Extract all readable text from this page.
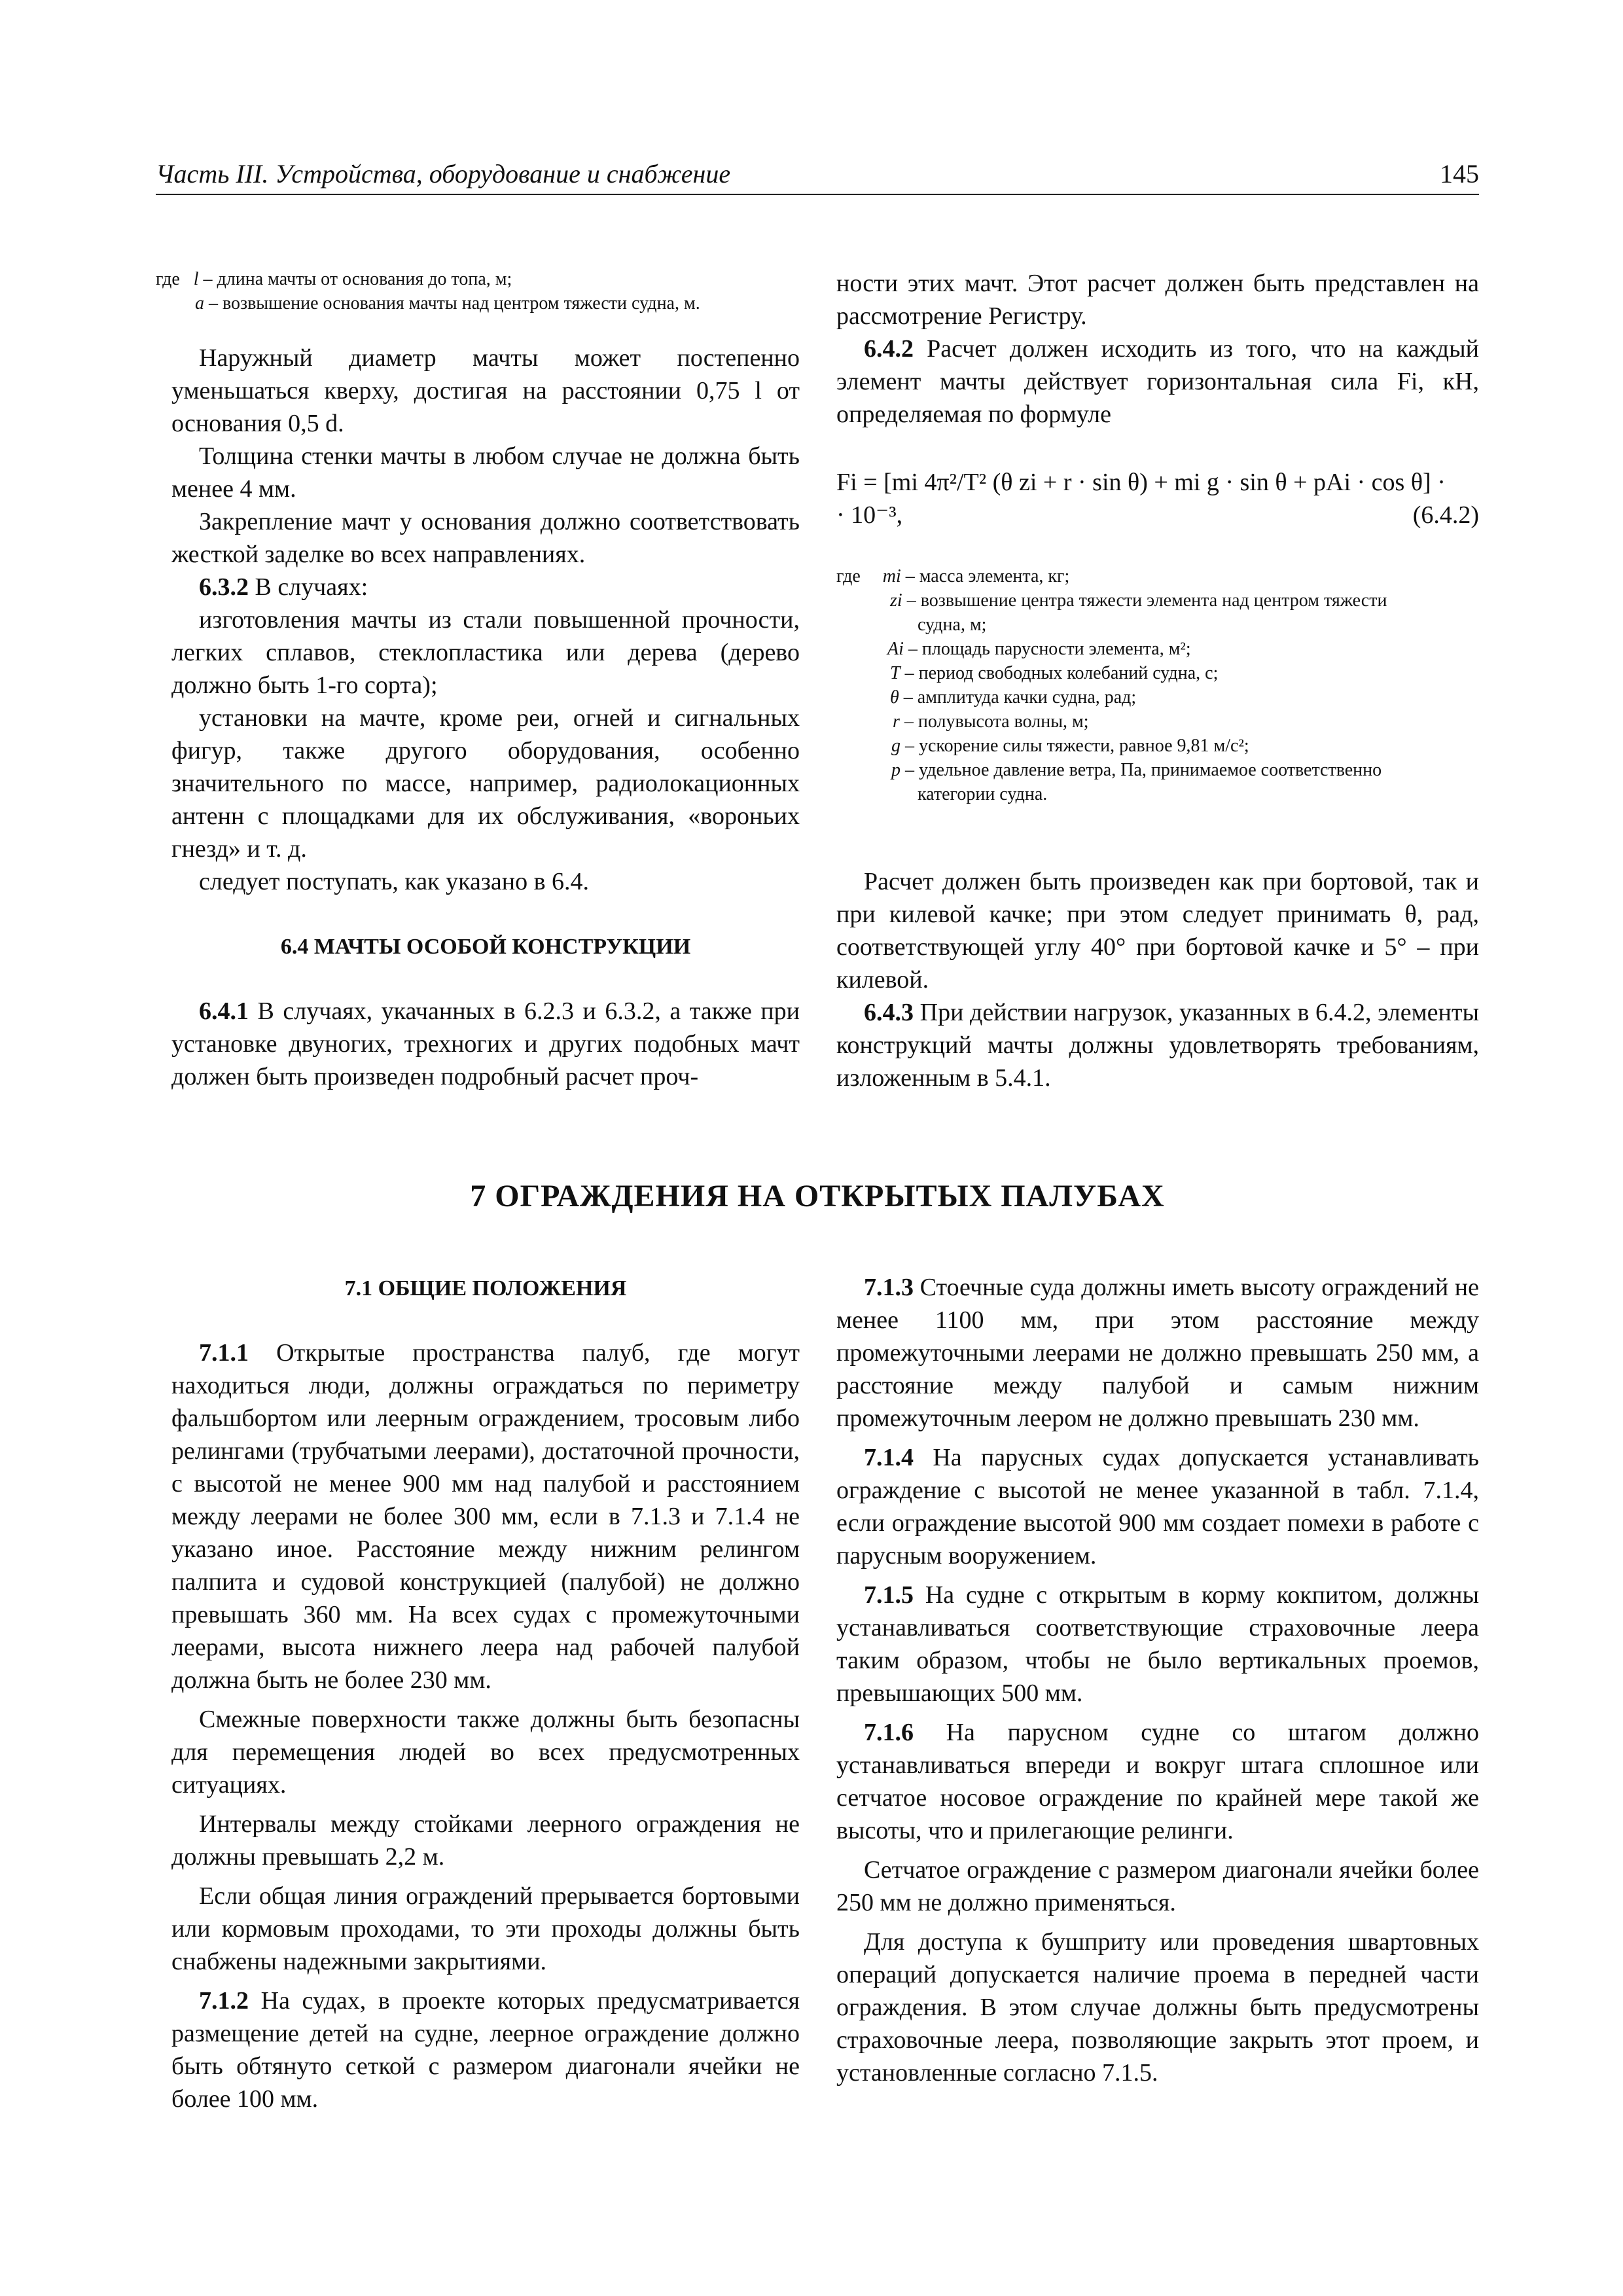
Часть III. Устройства, оборудование и снабжение	145
где l – длина мачты от основания до топа, м;
a – возвышение основания мачты над центром тяжести судна, м.

Наружный диаметр мачты может постепенно уменьшаться кверху, достигая на расстоянии 0,75 l от основания 0,5 d.

Толщина стенки мачты в любом случае не должна быть менее 4 мм.

Закрепление мачт у основания должно соответствовать жесткой заделке во всех направлениях.

6.3.2 В случаях:

изготовления мачты из стали повышенной прочности, легких сплавов, стеклопластика или дерева (дерево должно быть 1-го сорта);

установки на мачте, кроме реи, огней и сигнальных фигур, также другого оборудования, особенно значительного по массе, например, радиолокационных антенн с площадками для их обслуживания, «вороньих гнезд» и т. д.

следует поступать, как указано в 6.4.

6.4 МАЧТЫ ОСОБОЙ КОНСТРУКЦИИ

6.4.1 В случаях, укачанных в 6.2.3 и 6.3.2, а также при установке двуногих, трехногих и других подобных мачт должен быть произведен подробный расчет проч-

ности этих мачт. Этот расчет должен быть представлен на рассмотрение Регистру.

6.4.2 Расчет должен исходить из того, что на каждый элемент мачты действует горизонтальная сила Fi, кН, определяемая по формуле

Fi = [mi 4π²/T² (θ zi + r · sin θ) + mi g · sin θ + pAi · cos θ] ·
· 10⁻³,	(6.4.2)
где mi – масса элемента, кг;
zi – возвышение центра тяжести элемента над центром тяжести
судна, м;
Ai – площадь парусности элемента, м²;
T – период свободных колебаний судна, с;
θ – амплитуда качки судна, рад;
r – полувысота волны, м;
g – ускорение силы тяжести, равное 9,81 м/с²;
p – удельное давление ветра, Па, принимаемое соответственно
категории судна.

Расчет должен быть произведен как при бортовой, так и при килевой качке; при этом следует принимать θ, рад, соответствующей углу 40° при бортовой качке и 5° – при килевой.

6.4.3 При действии нагрузок, указанных в 6.4.2, элементы конструкций мачты должны удовлетворять требованиям, изложенным в 5.4.1.

7 ОГРАЖДЕНИЯ НА ОТКРЫТЫХ ПАЛУБАХ
7.1 ОБЩИЕ ПОЛОЖЕНИЯ

7.1.1 Открытые пространства палуб, где могут находиться люди, должны ограждаться по периметру фальшбортом или леерным ограждением, тросовым либо релингами (трубчатыми леерами), достаточной прочности, с высотой не менее 900 мм над палубой и расстоянием между леерами не более 300 мм, если в 7.1.3 и 7.1.4 не указано иное. Расстояние между нижним релингом палпита и судовой конструкцией (палубой) не должно превышать 360 мм. На всех судах с промежуточными леерами, высота нижнего леера над рабочей палубой должна быть не более 230 мм.

Смежные поверхности также должны быть безопасны для перемещения людей во всех предусмотренных ситуациях.

Интервалы между стойками леерного ограждения не должны превышать 2,2 м.

Если общая линия ограждений прерывается бортовыми или кормовым проходами, то эти проходы должны быть снабжены надежными закрытиями.

7.1.2 На судах, в проекте которых предусматривается размещение детей на судне, леерное ограждение должно быть обтянуто сеткой с размером диагонали ячейки не более 100 мм.

7.1.3 Стоечные суда должны иметь высоту ограждений не менее 1100 мм, при этом расстояние между промежуточными леерами не должно превышать 250 мм, а расстояние между палубой и самым нижним промежуточным леером не должно превышать 230 мм.

7.1.4 На парусных судах допускается устанавливать ограждение с высотой не менее указанной в табл. 7.1.4, если ограждение высотой 900 мм создает помехи в работе с парусным вооружением.

7.1.5 На судне с открытым в корму кокпитом, должны устанавливаться соответствующие страховочные леера таким образом, чтобы не было вертикальных проемов, превышающих 500 мм.

7.1.6 На парусном судне со штагом должно устанавливаться впереди и вокруг штага сплошное или сетчатое носовое ограждение по крайней мере такой же высоты, что и прилегающие релинги.

Сетчатое ограждение с размером диагонали ячейки более 250 мм не должно применяться.

Для доступа к бушприту или проведения швартовных операций допускается наличие проема в передней части ограждения. В этом случае должны быть предусмотрены страховочные леера, позволяющие закрыть этот проем, и установленные согласно 7.1.5.
